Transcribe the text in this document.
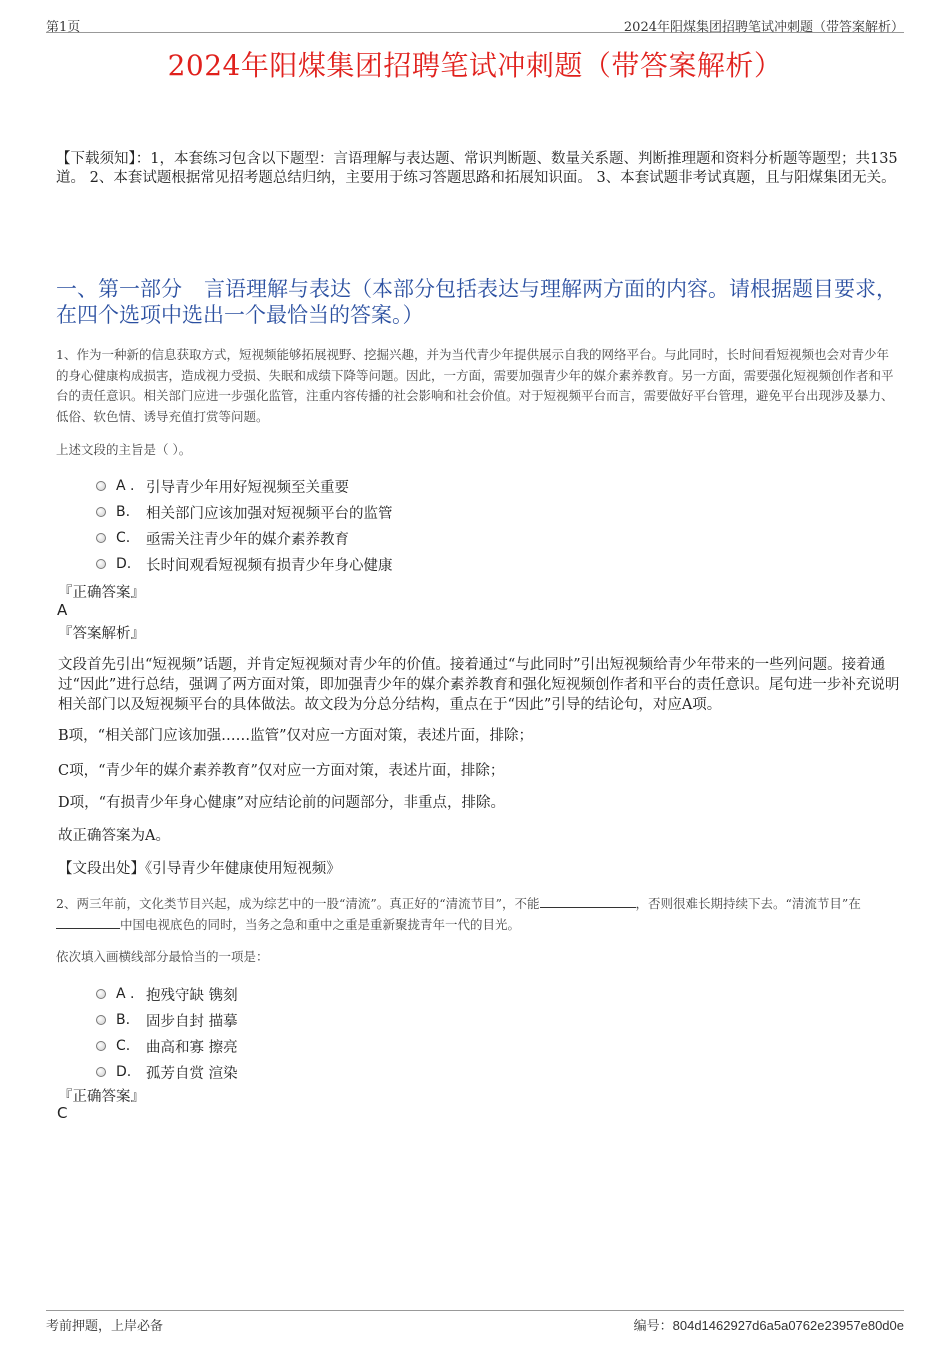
第1页	2024年阳煤集团招聘笔试冲刺题（带答案解析）
2024年阳煤集团招聘笔试冲刺题（带答案解析）
【下载须知】：1，本套练习包含以下题型：言语理解与表达题、常识判断题、数量关系题、判断推理题和资料分析题等题型；共135道。 2、本套试题根据常见招考题总结归纳，主要用于练习答题思路和拓展知识面。 3、本套试题非考试真题，且与阳煤集团无关。
一、第一部分 言语理解与表达（本部分包括表达与理解两方面的内容。请根据题目要求，在四个选项中选出一个最恰当的答案。）
1、作为一种新的信息获取方式，短视频能够拓展视野、挖掘兴趣，并为当代青少年提供展示自我的网络平台。与此同时，长时间看短视频也会对青少年的身心健康构成损害，造成视力受损、失眠和成绩下降等问题。因此，一方面，需要加强青少年的媒介素养教育。另一方面，需要强化短视频创作者和平台的责任意识。相关部门应进一步强化监管，注重内容传播的社会影响和社会价值。对于短视频平台而言，需要做好平台管理，避免平台出现涉及暴力、低俗、软色情、诱导充值打赏等问题。
上述文段的主旨是（ ）。
A . 引导青少年用好短视频至关重要
B.	相关部门应该加强对短视频平台的监管
C.	亟需关注青少年的媒介素养教育
D.	长时间观看短视频有损青少年身心健康
『正确答案』
A
『答案解析』
文段首先引出“短视频”话题，并肯定短视频对青少年的价值。接着通过“与此同时”引出短视频给青少年带来的一些列问题。接着通过“因此”进行总结，强调了两方面对策，即加强青少年的媒介素养教育和强化短视频创作者和平台的责任意识。尾句进一步补充说明相关部门以及短视频平台的具体做法。故文段为分总分结构，重点在于“因此”引导的结论句，对应A项。
B项，“相关部门应该加强……监管”仅对应一方面对策，表述片面，排除；
C项，“青少年的媒介素养教育”仅对应一方面对策，表述片面，排除；
D项，“有损青少年身心健康”对应结论前的问题部分，非重点，排除。
故正确答案为A。
【文段出处】《引导青少年健康使用短视频》
2、两三年前，文化类节目兴起，成为综艺中的一股“清流”。真正好的“清流节目”，不能	，否则很难长期持续下去。“清流节目”在中国电视底色的同时，当务之急和重中之重是重新聚拢青年一代的目光。
依次填入画横线部分最恰当的一项是：
A . 抱残守缺 镌刻
B.	固步自封 描摹
C.	曲高和寡 擦亮
D.	孤芳自赏 渲染
『正确答案』
C
考前押题，上岸必备	编号：804d1462927d6a5a0762e23957e80d0e
